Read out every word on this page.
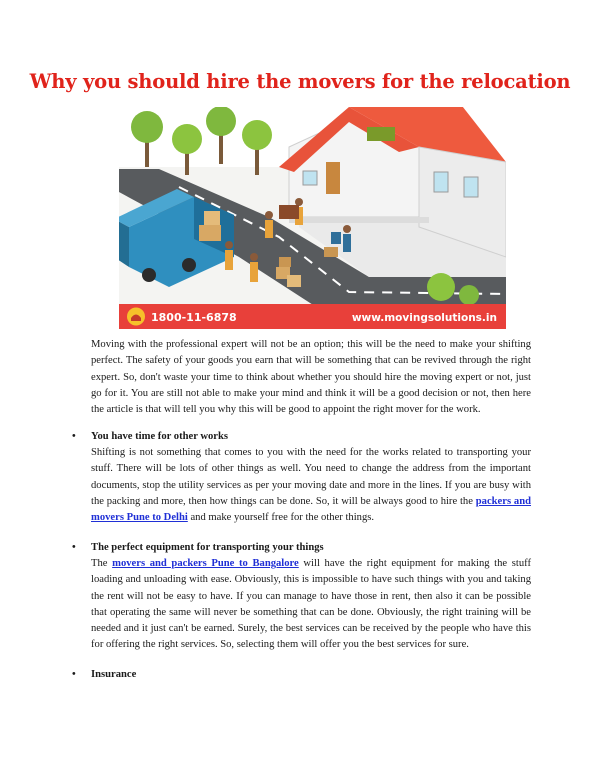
Why you should hire the movers for the relocation
1800-11-6878	www.movingsolutions.in

Moving with the professional expert will not be an option; this will be the need to make your shifting perfect. The safety of your goods you earn that will be something that can be revived through the right expert. So, don't waste your time to think about whether you should hire the moving expert or not, just go for it. You are still not able to make your mind and think it will be a good decision or not, then here the article is that will tell you why this will be good to appoint the right mover for the work.

•	You have time for other works

Shifting is not something that comes to you with the need for the works related to transporting your stuff. There will be lots of other things as well. You need to change the address from the important documents, stop the utility services as per your moving date and more in the lines. If you are busy with the packing and more, then how things can be done. So, it will be always good to hire the packers and movers Pune to Delhi and make yourself free for the other things.

•	The perfect equipment for transporting your things

The movers and packers Pune to Bangalore will have the right equipment for making the stuff loading and unloading with ease. Obviously, this is impossible to have such things with you and taking the rent will not be easy to have. If you can manage to have those in rent, then also it can be possible that operating the same will never be something that can be done. Obviously, the right training will be needed and it just can't be earned. Surely, the best services can be received by the people who have this for offering the right services. So, selecting them will offer you the best services for sure.

•	Insurance
